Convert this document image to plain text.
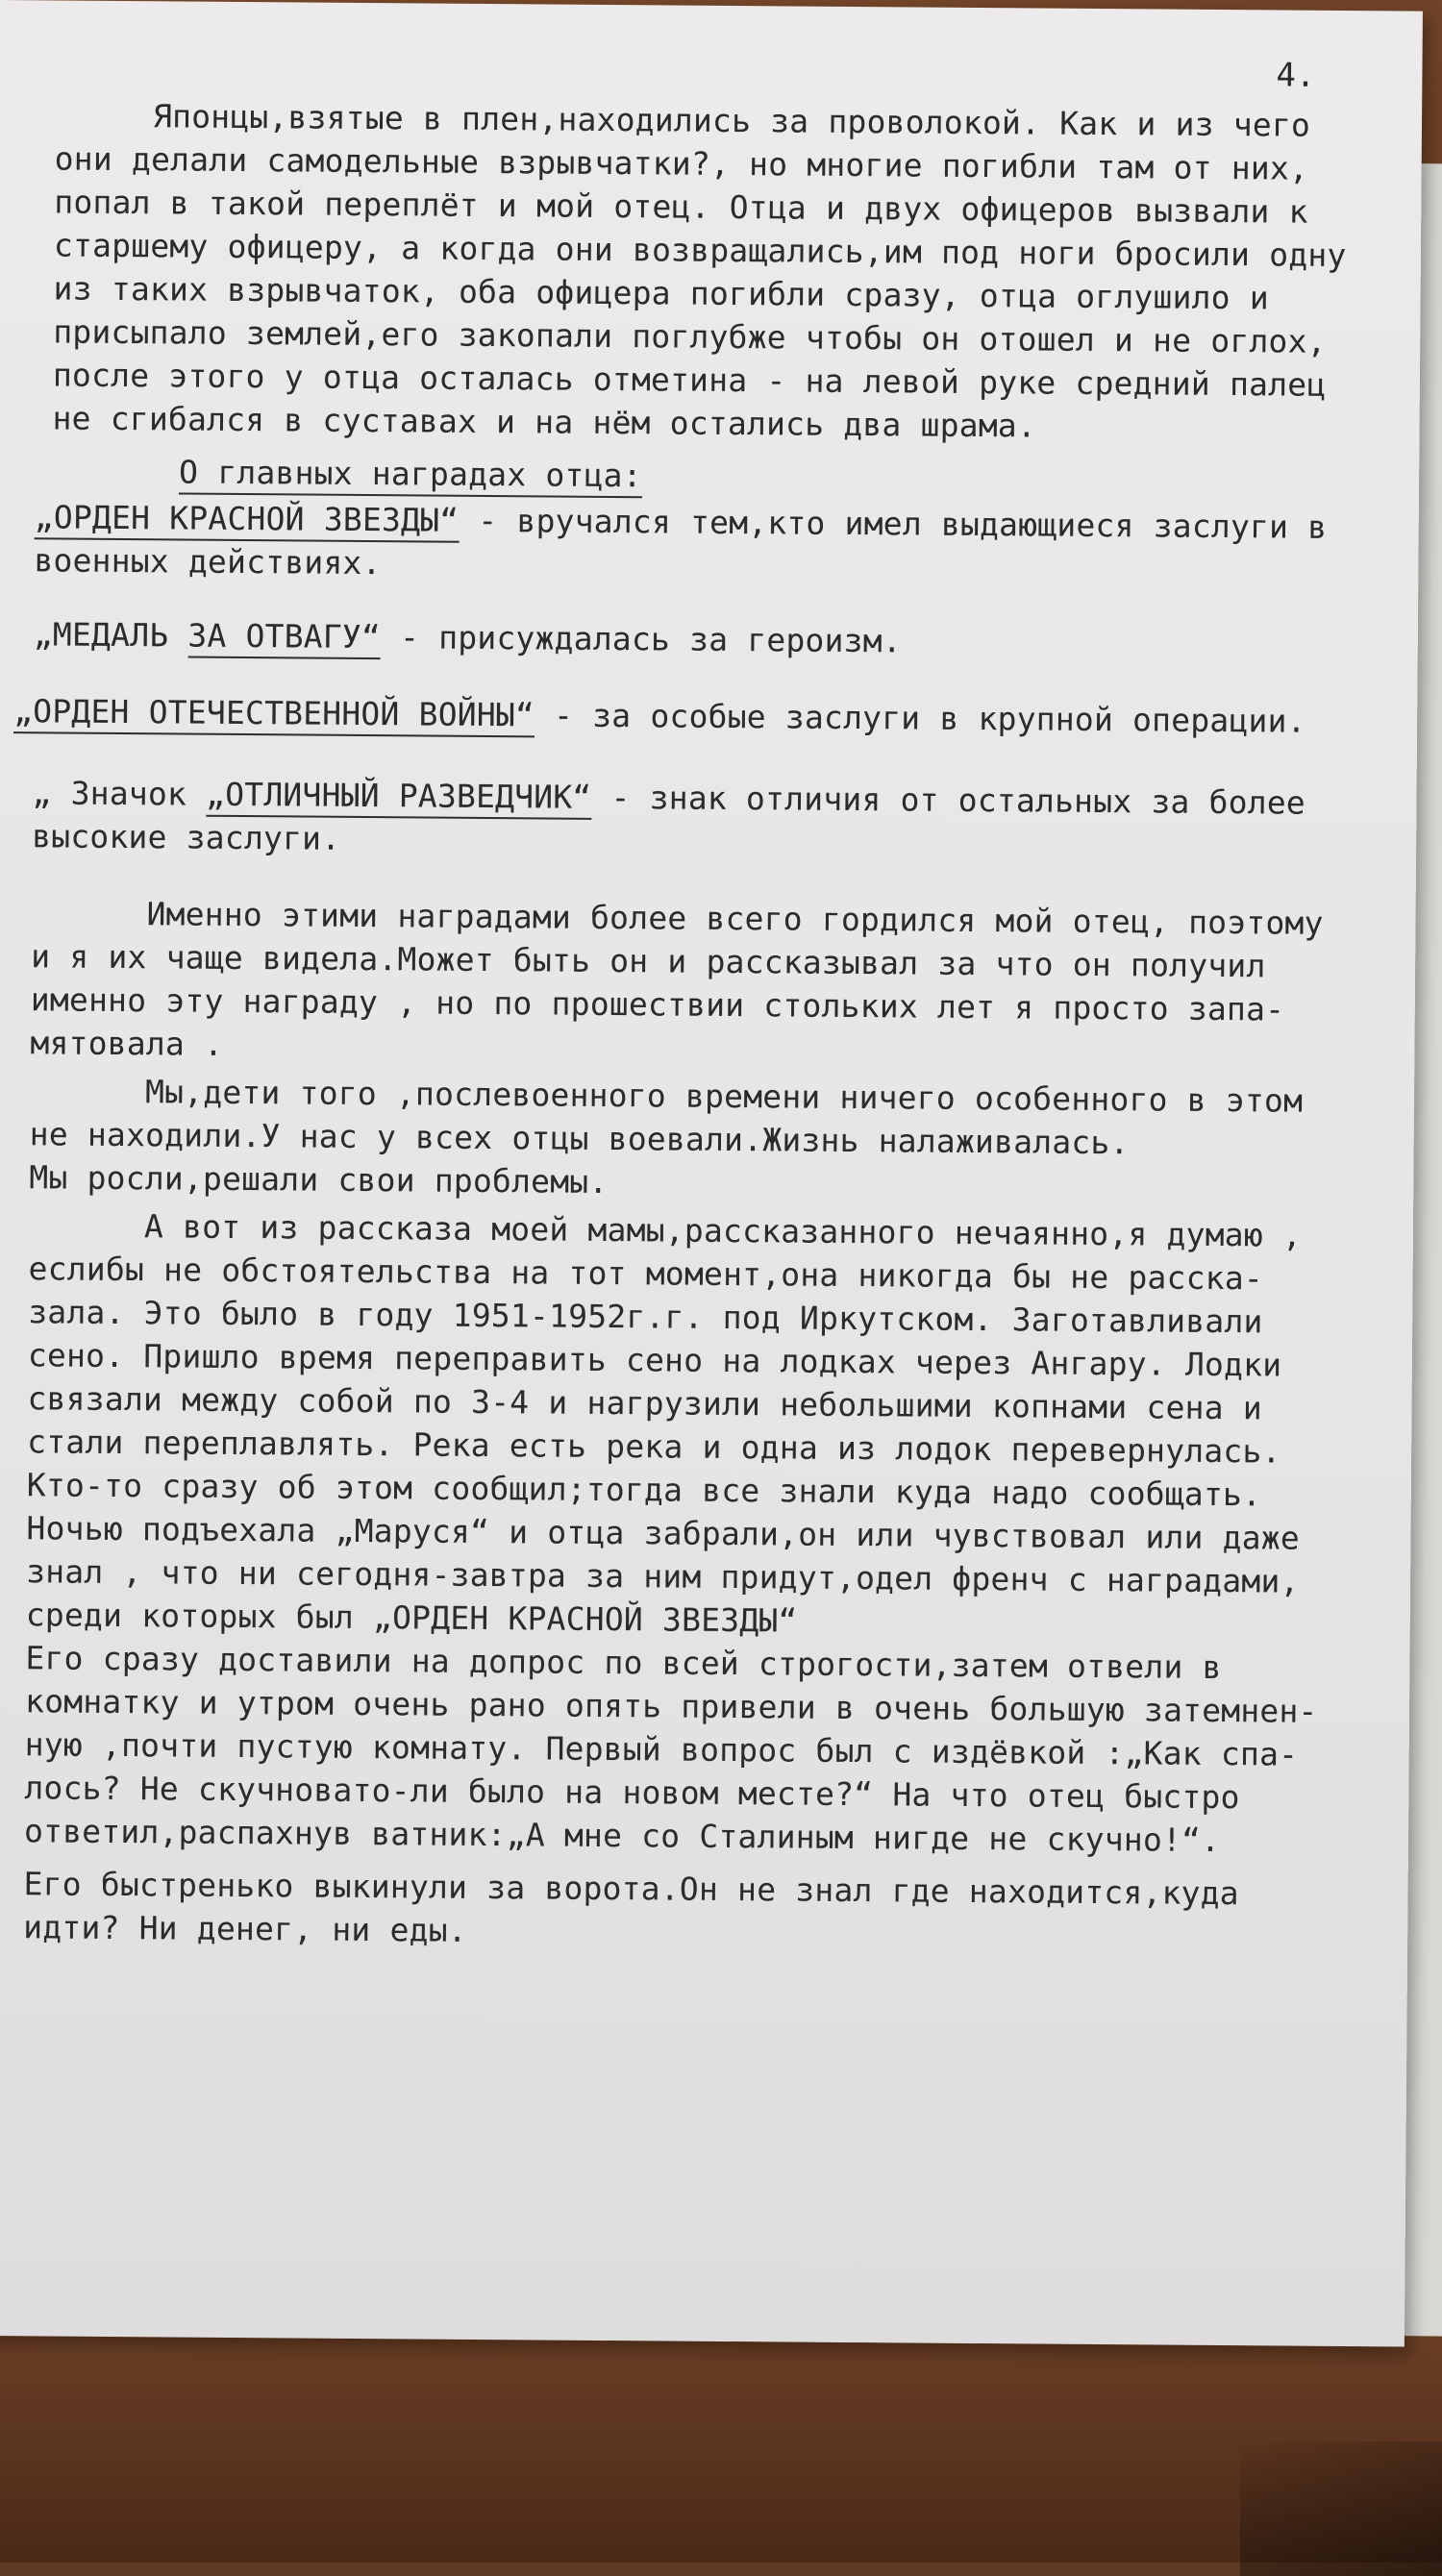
4.
Японцы,взятые в плен,находились за проволокой. Как и из чего
они делали самодельные взрывчатки?, но многие погибли там от них,
попал в такой переплёт и мой отец. Отца и двух офицеров вызвали к
старшему офицеру, а когда они возвращались,им под ноги бросили одну
из таких взрывчаток, оба офицера погибли сразу, отца оглушило и
присыпало землей,его закопали поглубже чтобы он отошел и не оглох,
после этого у отца осталась отметина - на левой руке средний палец
не сгибался в суставах и на нём остались два шрама.
О главных наградах отца:
„ОРДЕН КРАСНОЙ ЗВЕЗДЫ“ - вручался тем,кто имел выдающиеся заслуги в
военных действиях.
„МЕДАЛЬ ЗА ОТВАГУ“ - присуждалась за героизм.
„ОРДЕН ОТЕЧЕСТВЕННОЙ ВОЙНЫ“ - за особые заслуги в крупной операции.
„ Значок „ОТЛИЧНЫЙ РАЗВЕДЧИК“ - знак отличия от остальных за более
высокие заслуги.
Именно этими наградами более всего гордился мой отец, поэтому
и я их чаще видела.Может быть он и рассказывал за что он получил
именно эту награду , но по прошествии стольких лет я просто запа-
мятовала .
Мы,дети того ,послевоенного времени ничего особенного в этом
не находили.У нас у всех отцы воевали.Жизнь налаживалась.
Мы росли,решали свои проблемы.
А вот из рассказа моей мамы,рассказанного нечаянно,я думаю ,
еслибы не обстоятельства на тот момент,она никогда бы не расска-
зала. Это было в году 1951-1952г.г. под Иркутском. Заготавливали
сено. Пришло время переправить сено на лодках через Ангару. Лодки
связали между собой по 3-4 и нагрузили небольшими копнами сена и
стали переплавлять. Река есть река и одна из лодок перевернулась.
Кто-то сразу об этом сообщил;тогда все знали куда надо сообщать.
Ночью подъехала „Маруся“ и отца забрали,он или чувствовал или даже
знал , что ни сегодня-завтра за ним придут,одел френч с наградами,
среди которых был „ОРДЕН КРАСНОЙ ЗВЕЗДЫ“
Его сразу доставили на допрос по всей строгости,затем отвели в
комнатку и утром очень рано опять привели в очень большую затемнен-
ную ,почти пустую комнату. Первый вопрос был с издёвкой :„Как спа-
лось? Не скучновато-ли было на новом месте?“ На что отец быстро
ответил,распахнув ватник:„А мне со Сталиным нигде не скучно!“.
Его быстренько выкинули за ворота.Он не знал где находится,куда
идти? Ни денег, ни еды.
